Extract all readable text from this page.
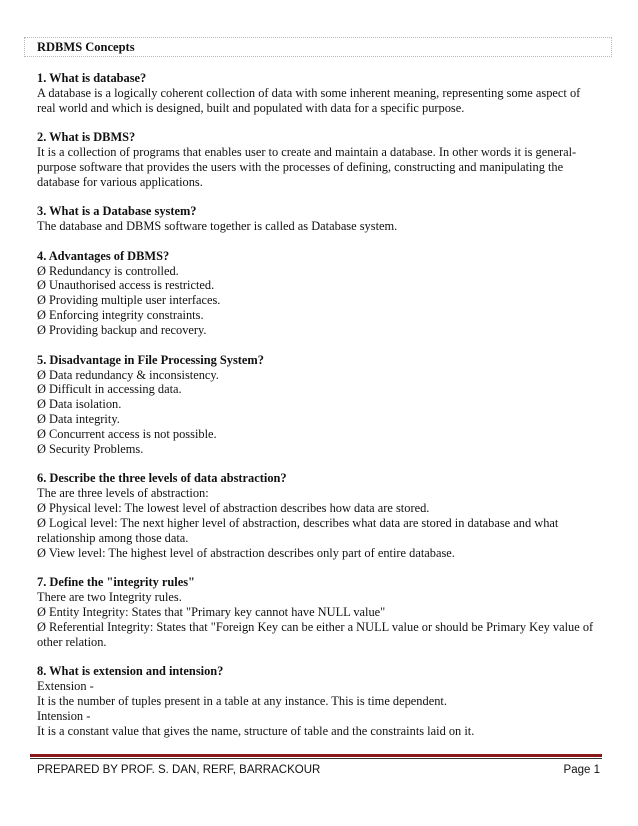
RDBMS Concepts
1. What is database?
A database is a logically coherent collection of data with some inherent meaning, representing some aspect of
real world and which is designed, built and populated with data for a specific purpose.
2. What is DBMS?
It is a collection of programs that enables user to create and maintain a database. In other words it is general-
purpose software that provides the users with the processes of defining, constructing and manipulating the
database for various applications.
3. What is a Database system?
The database and DBMS software together is called as Database system.
4. Advantages of DBMS?
Ø Redundancy is controlled.
Ø Unauthorised access is restricted.
Ø Providing multiple user interfaces.
Ø Enforcing integrity constraints.
Ø Providing backup and recovery.
5. Disadvantage in File Processing System?
Ø Data redundancy & inconsistency.
Ø Difficult in accessing data.
Ø Data isolation.
Ø Data integrity.
Ø Concurrent access is not possible.
Ø Security Problems.
6. Describe the three levels of data abstraction?
The are three levels of abstraction:
Ø Physical level: The lowest level of abstraction describes how data are stored.
Ø Logical level: The next higher level of abstraction, describes what data are stored in database and what
relationship among those data.
Ø View level: The highest level of abstraction describes only part of entire database.
7. Define the "integrity rules"
There are two Integrity rules.
Ø Entity Integrity: States that "Primary key cannot have NULL value"
Ø Referential Integrity: States that "Foreign Key can be either a NULL value or should be Primary Key value of
other relation.
8. What is extension and intension?
Extension -
It is the number of tuples present in a table at any instance. This is time dependent.
Intension -
It is a constant value that gives the name, structure of table and the constraints laid on it.
PREPARED BY PROF. S. DAN, RERF, BARRACKOUR	Page 1
